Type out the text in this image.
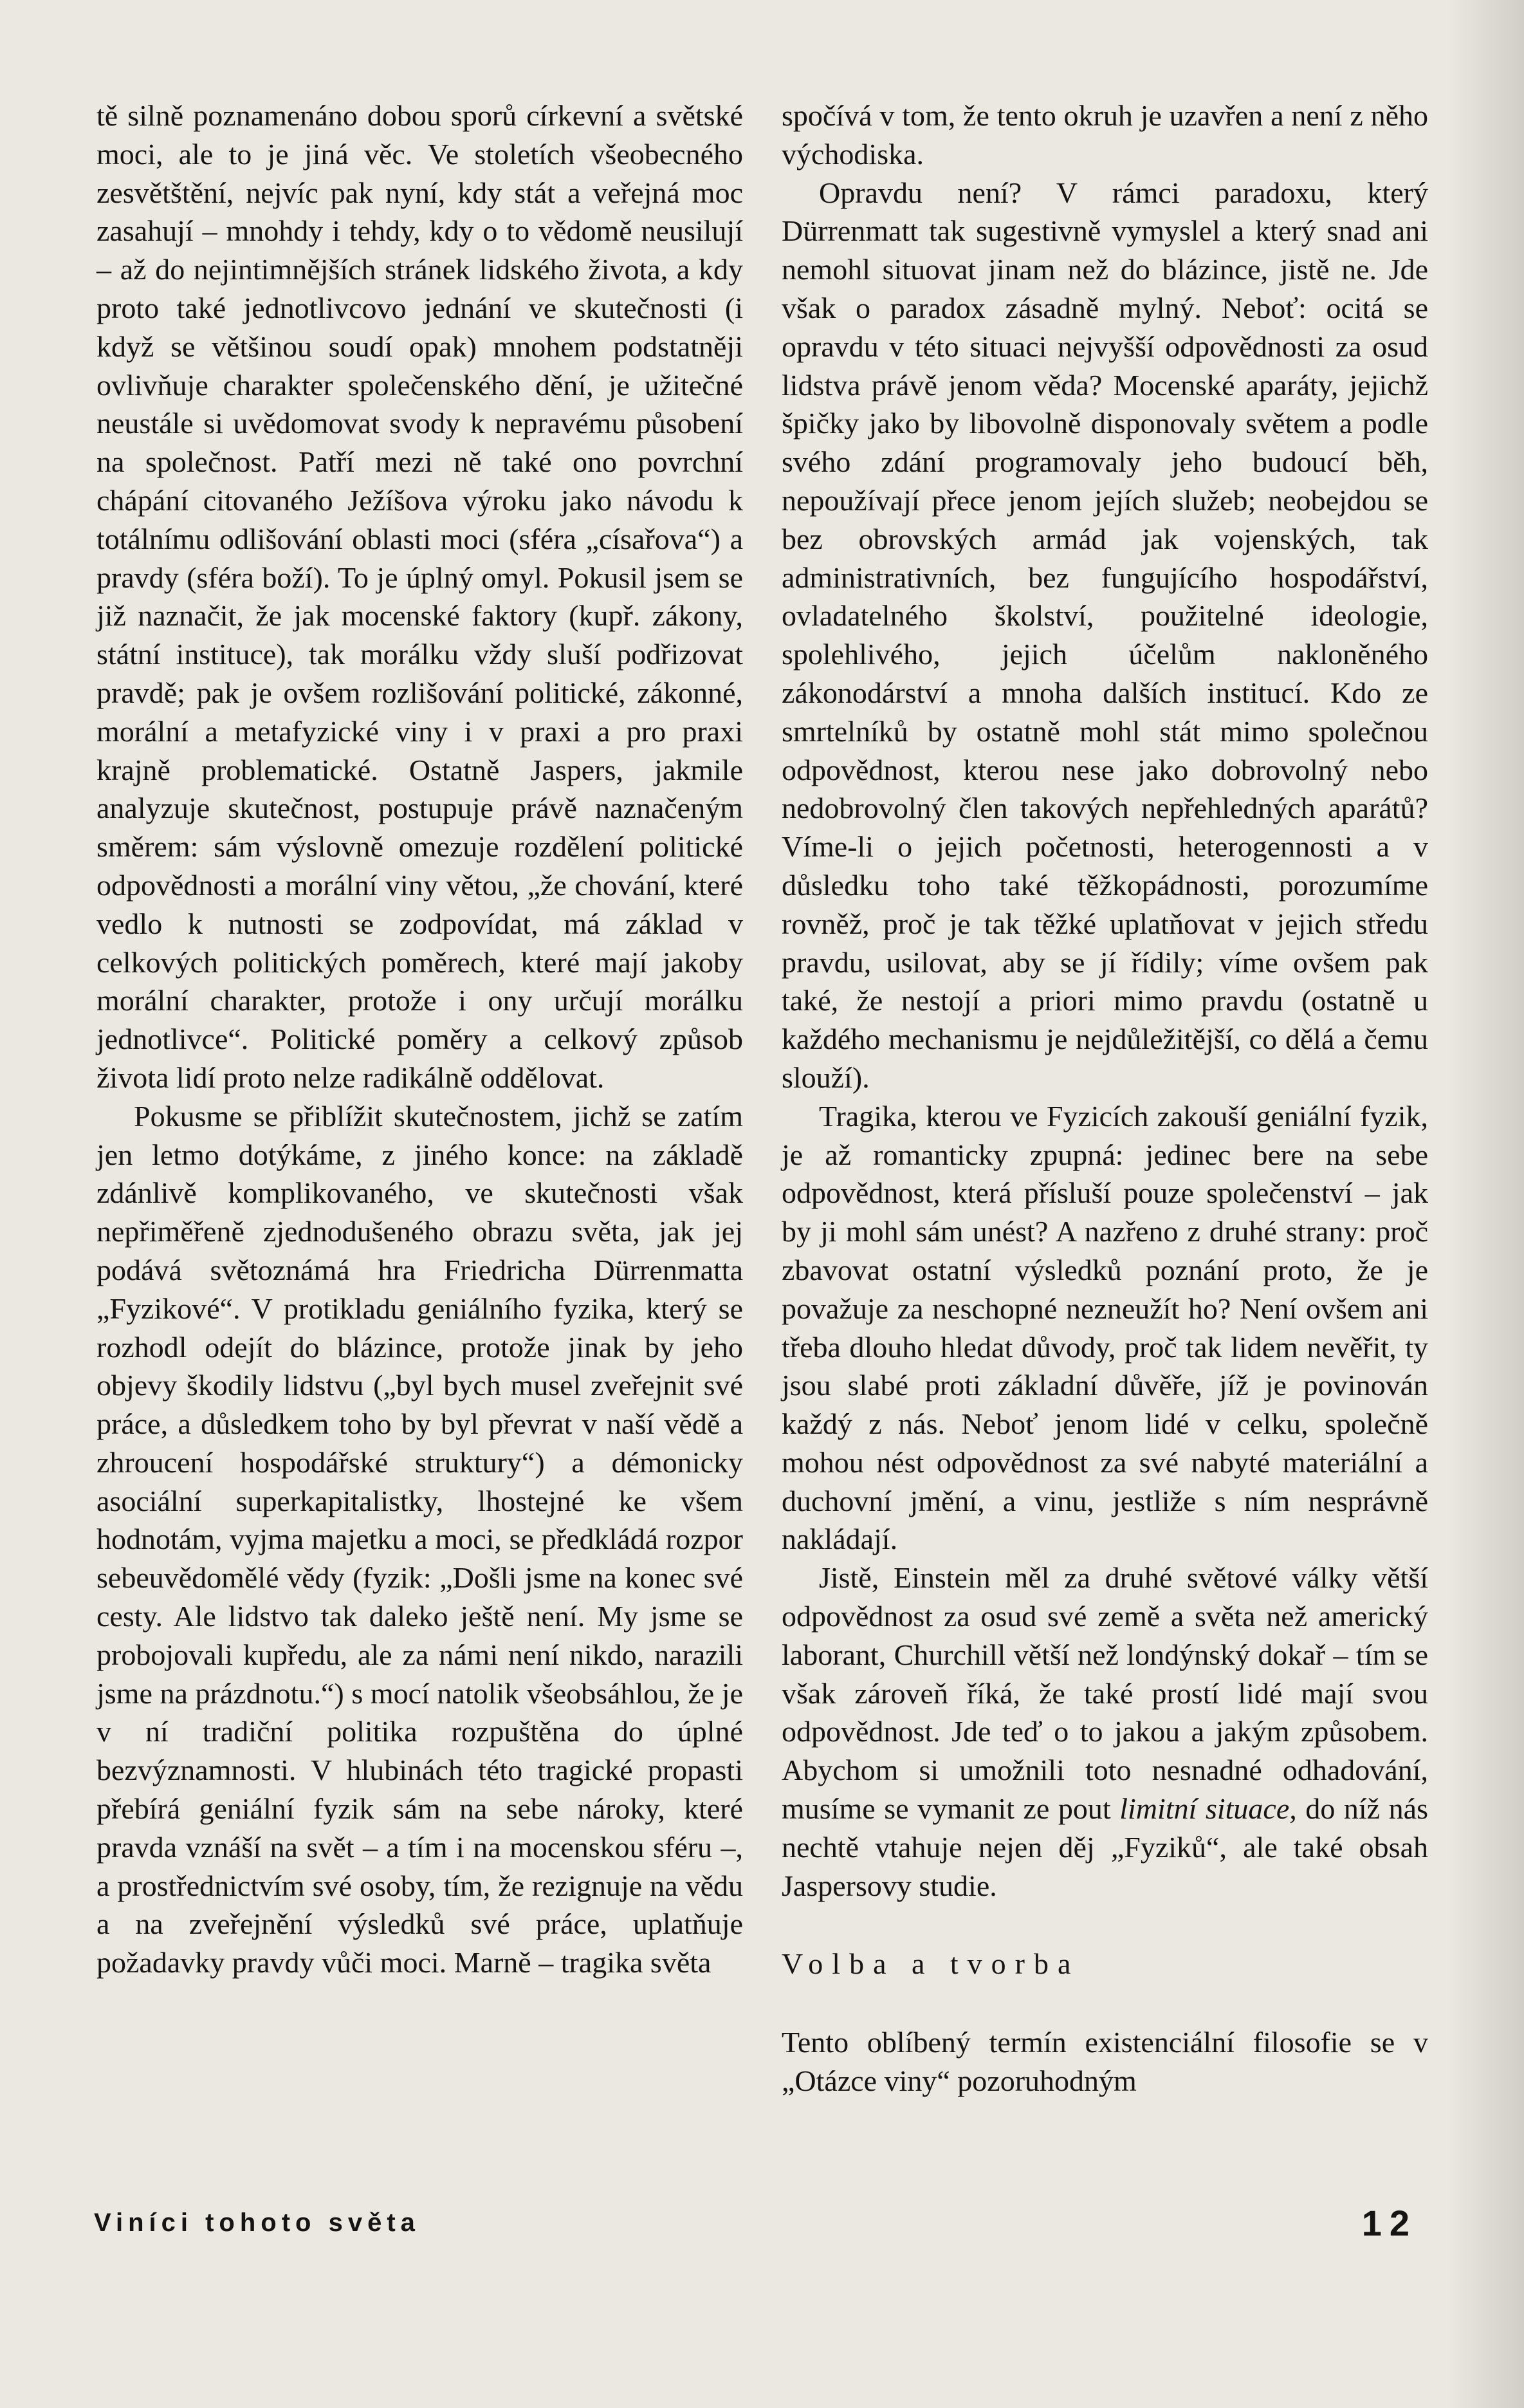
tě silně poznamenáno dobou sporů církevní a světské moci, ale to je jiná věc. Ve stoletích všeobecného zesvětštění, nejvíc pak nyní, kdy stát a veřejná moc zasahují – mnohdy i tehdy, kdy o to vědomě neusilují – až do nejintimnějších stránek lidského života, a kdy proto také jednotlivcovo jednání ve skutečnosti (i když se většinou soudí opak) mnohem podstatněji ovlivňuje charakter společenského dění, je užitečné neustále si uvědomovat svody k nepravému působení na společnost. Patří mezi ně také ono povrchní chápání citovaného Ježíšova výroku jako návodu k totálnímu odlišování oblasti moci (sféra „císařova“) a pravdy (sféra boží). To je úplný omyl. Pokusil jsem se již naznačit, že jak mocenské faktory (kupř. zákony, státní instituce), tak morálku vždy sluší podřizovat pravdě; pak je ovšem rozlišování politické, zákonné, morální a metafyzické viny i v praxi a pro praxi krajně problematické. Ostatně Jaspers, jakmile analyzuje skutečnost, postupuje právě naznačeným směrem: sám výslovně omezuje rozdělení politické odpovědnosti a morální viny větou, „že chování, které vedlo k nutnosti se zodpovídat, má základ v celkových politických poměrech, které mají jakoby morální charakter, protože i ony určují morálku jednotlivce“. Politické poměry a celkový způsob života lidí proto nelze radikálně oddělovat.

Pokusme se přiblížit skutečnostem, jichž se zatím jen letmo dotýkáme, z jiného konce: na základě zdánlivě komplikovaného, ve skutečnosti však nepřiměřeně zjednodušeného obrazu světa, jak jej podává světoznámá hra Friedricha Dürrenmatta „Fyzikové“. V protikladu geniálního fyzika, který se rozhodl odejít do blázince, protože jinak by jeho objevy škodily lidstvu („byl bych musel zveřejnit své práce, a důsledkem toho by byl převrat v naší vědě a zhroucení hospodářské struktury“) a démonicky asociální superkapitalistky, lhostejné ke všem hodnotám, vyjma majetku a moci, se předkládá rozpor sebeuvědomělé vědy (fyzik: „Došli jsme na konec své cesty. Ale lidstvo tak daleko ještě není. My jsme se probojovali kupředu, ale za námi není nikdo, narazili jsme na prázdnotu.“) s mocí natolik všeobsáhlou, že je v ní tradiční politika rozpuštěna do úplné bezvýznamnosti. V hlubinách této tragické propasti přebírá geniální fyzik sám na sebe nároky, které pravda vznáší na svět – a tím i na mocenskou sféru –, a prostřednictvím své osoby, tím, že rezignuje na vědu a na zveřejnění výsledků své práce, uplatňuje požadavky pravdy vůči moci. Marně – tragika světa

spočívá v tom, že tento okruh je uzavřen a není z něho východiska.

Opravdu není? V rámci paradoxu, který Dürrenmatt tak sugestivně vymyslel a který snad ani nemohl situovat jinam než do blázince, jistě ne. Jde však o paradox zásadně mylný. Neboť: ocitá se opravdu v této situaci nejvyšší odpovědnosti za osud lidstva právě jenom věda? Mocenské aparáty, jejichž špičky jako by libovolně disponovaly světem a podle svého zdání programovaly jeho budoucí běh, nepoužívají přece jenom jejích služeb; neobejdou se bez obrovských armád jak vojenských, tak administrativních, bez fungujícího hospodářství, ovladatelného školství, použitelné ideologie, spolehlivého, jejich účelům nakloněného zákonodárství a mnoha dalších institucí. Kdo ze smrtelníků by ostatně mohl stát mimo společnou odpovědnost, kterou nese jako dobrovolný nebo nedobrovolný člen takových nepřehledných aparátů? Víme-li o jejich početnosti, heterogennosti a v důsledku toho také těžkopádnosti, porozumíme rovněž, proč je tak těžké uplatňovat v jejich středu pravdu, usilovat, aby se jí řídily; víme ovšem pak také, že nestojí a priori mimo pravdu (ostatně u každého mechanismu je nejdůležitější, co dělá a čemu slouží).

Tragika, kterou ve Fyzicích zakouší geniální fyzik, je až romanticky zpupná: jedinec bere na sebe odpovědnost, která přísluší pouze společenství – jak by ji mohl sám unést? A nazřeno z druhé strany: proč zbavovat ostatní výsledků poznání proto, že je považuje za neschopné nezneužít ho? Není ovšem ani třeba dlouho hledat důvody, proč tak lidem nevěřit, ty jsou slabé proti základní důvěře, jíž je povinován každý z nás. Neboť jenom lidé v celku, společně mohou nést odpovědnost za své nabyté materiální a duchovní jmění, a vinu, jestliže s ním nesprávně nakládají.

Jistě, Einstein měl za druhé světové války větší odpovědnost za osud své země a světa než americký laborant, Churchill větší než londýnský dokař – tím se však zároveň říká, že také prostí lidé mají svou odpovědnost. Jde teď o to jakou a jakým způsobem. Abychom si umožnili toto nesnadné odhadování, musíme se vymanit ze pout limitní situace, do níž nás nechtě vtahuje nejen děj „Fyziků“, ale také obsah Jaspersovy studie.

Volba a tvorba

Tento oblíbený termín existenciální filosofie se v „Otázce viny“ pozoruhodným

Viníci tohoto světa	12
